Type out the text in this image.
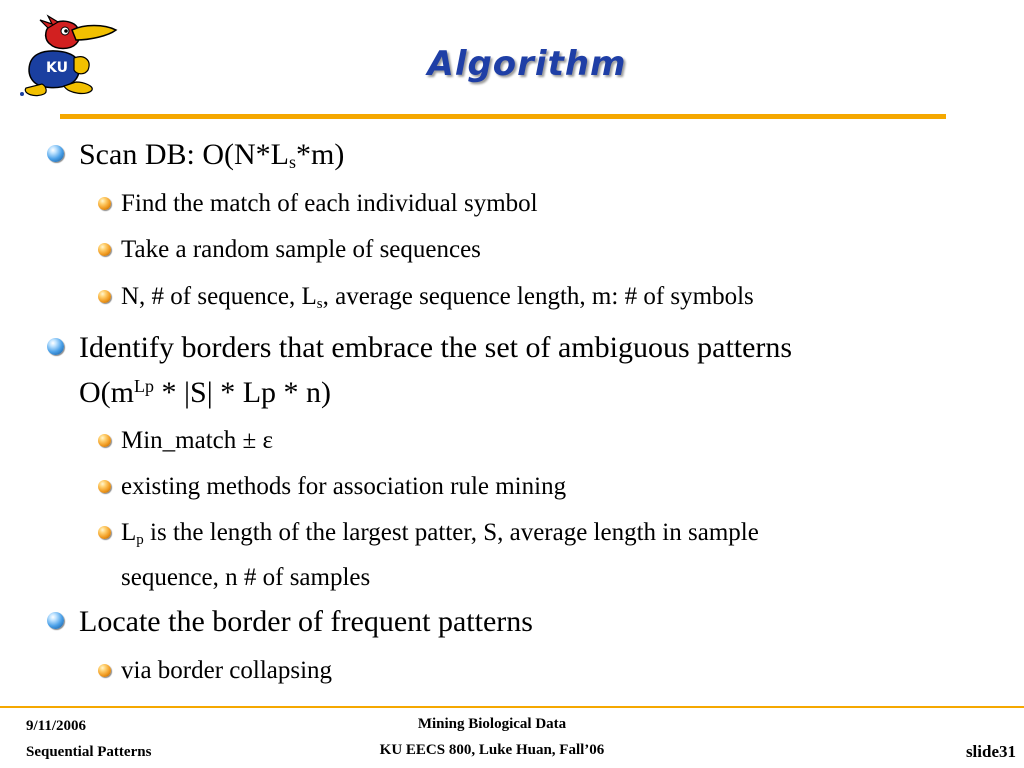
KU	Algorithm
Scan DB: $O(N*L_s*m)$
Find the match of each individual symbol
Take a random sample of sequences
N, # of sequence, $L_s$, average sequence length, m: # of symbols
Identify borders that embrace the set of ambiguous patterns
$O(m^{Lp} * |S|$ * Lp * n)
Min_match ± ε
existing methods for association rule mining
$L_p$ is the length of the largest patter, S, average length in sample
sequence, n # of samples
Locate the border of frequent patterns
via border collapsing
9/11/2006
Sequential Patterns
Mining Biological Data
KU EECS 800, Luke Huan, Fall’06	slide31
